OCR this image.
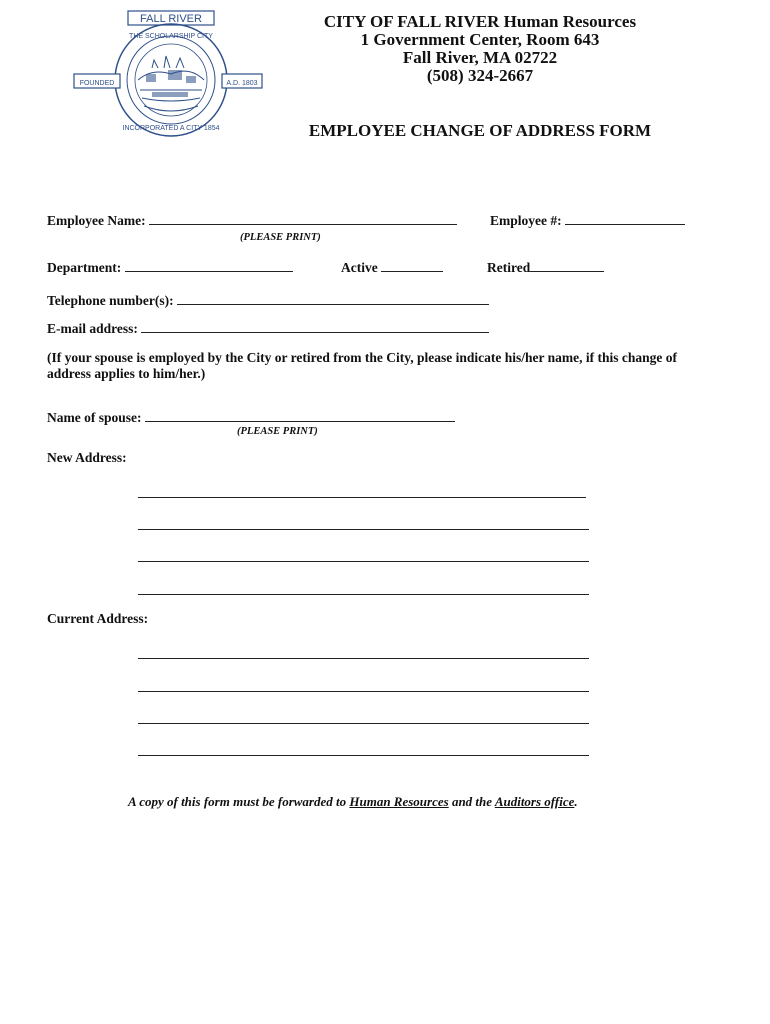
FALL RIVER
FOUNDED	A.D. 1803
THE SCHOLARSHIP CITY
INCORPORATED A CITY 1854
CITY OF FALL RIVER Human Resources
1 Government Center, Room 643
Fall River, MA 02722
(508) 324-2667
EMPLOYEE CHANGE OF ADDRESS FORM
Employee Name:
(PLEASE PRINT)
Employee #:
Department:	Active	Retired
Telephone number(s):
E-mail address:
(If your spouse is employed by the City or retired from the City, please indicate his/her name, if this change of address applies to him/her.)
Name of spouse:
(PLEASE PRINT)
New Address:
Current Address:
A copy of this form must be forwarded to Human Resources and the Auditors office.
